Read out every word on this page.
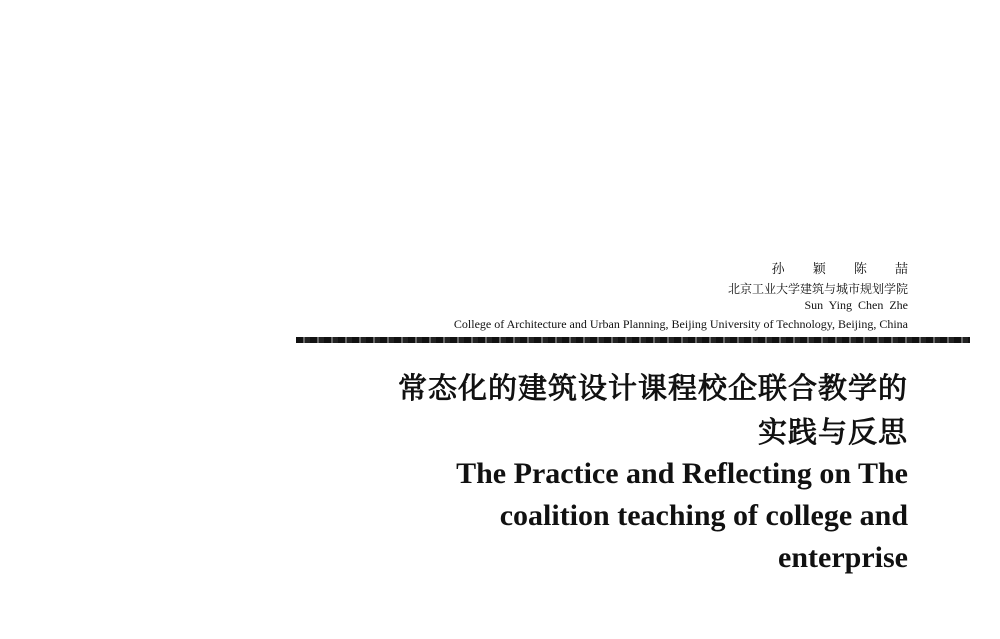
孙 颖 陈 喆
北京工业大学建筑与城市规划学院
Sun Ying Chen Zhe
College of Architecture and Urban Planning, Beijing University of Technology, Beijing, China
常态化的建筑设计课程校企联合教学的
实践与反思
The Practice and Reflecting on The
coalition teaching of college and
enterprise
